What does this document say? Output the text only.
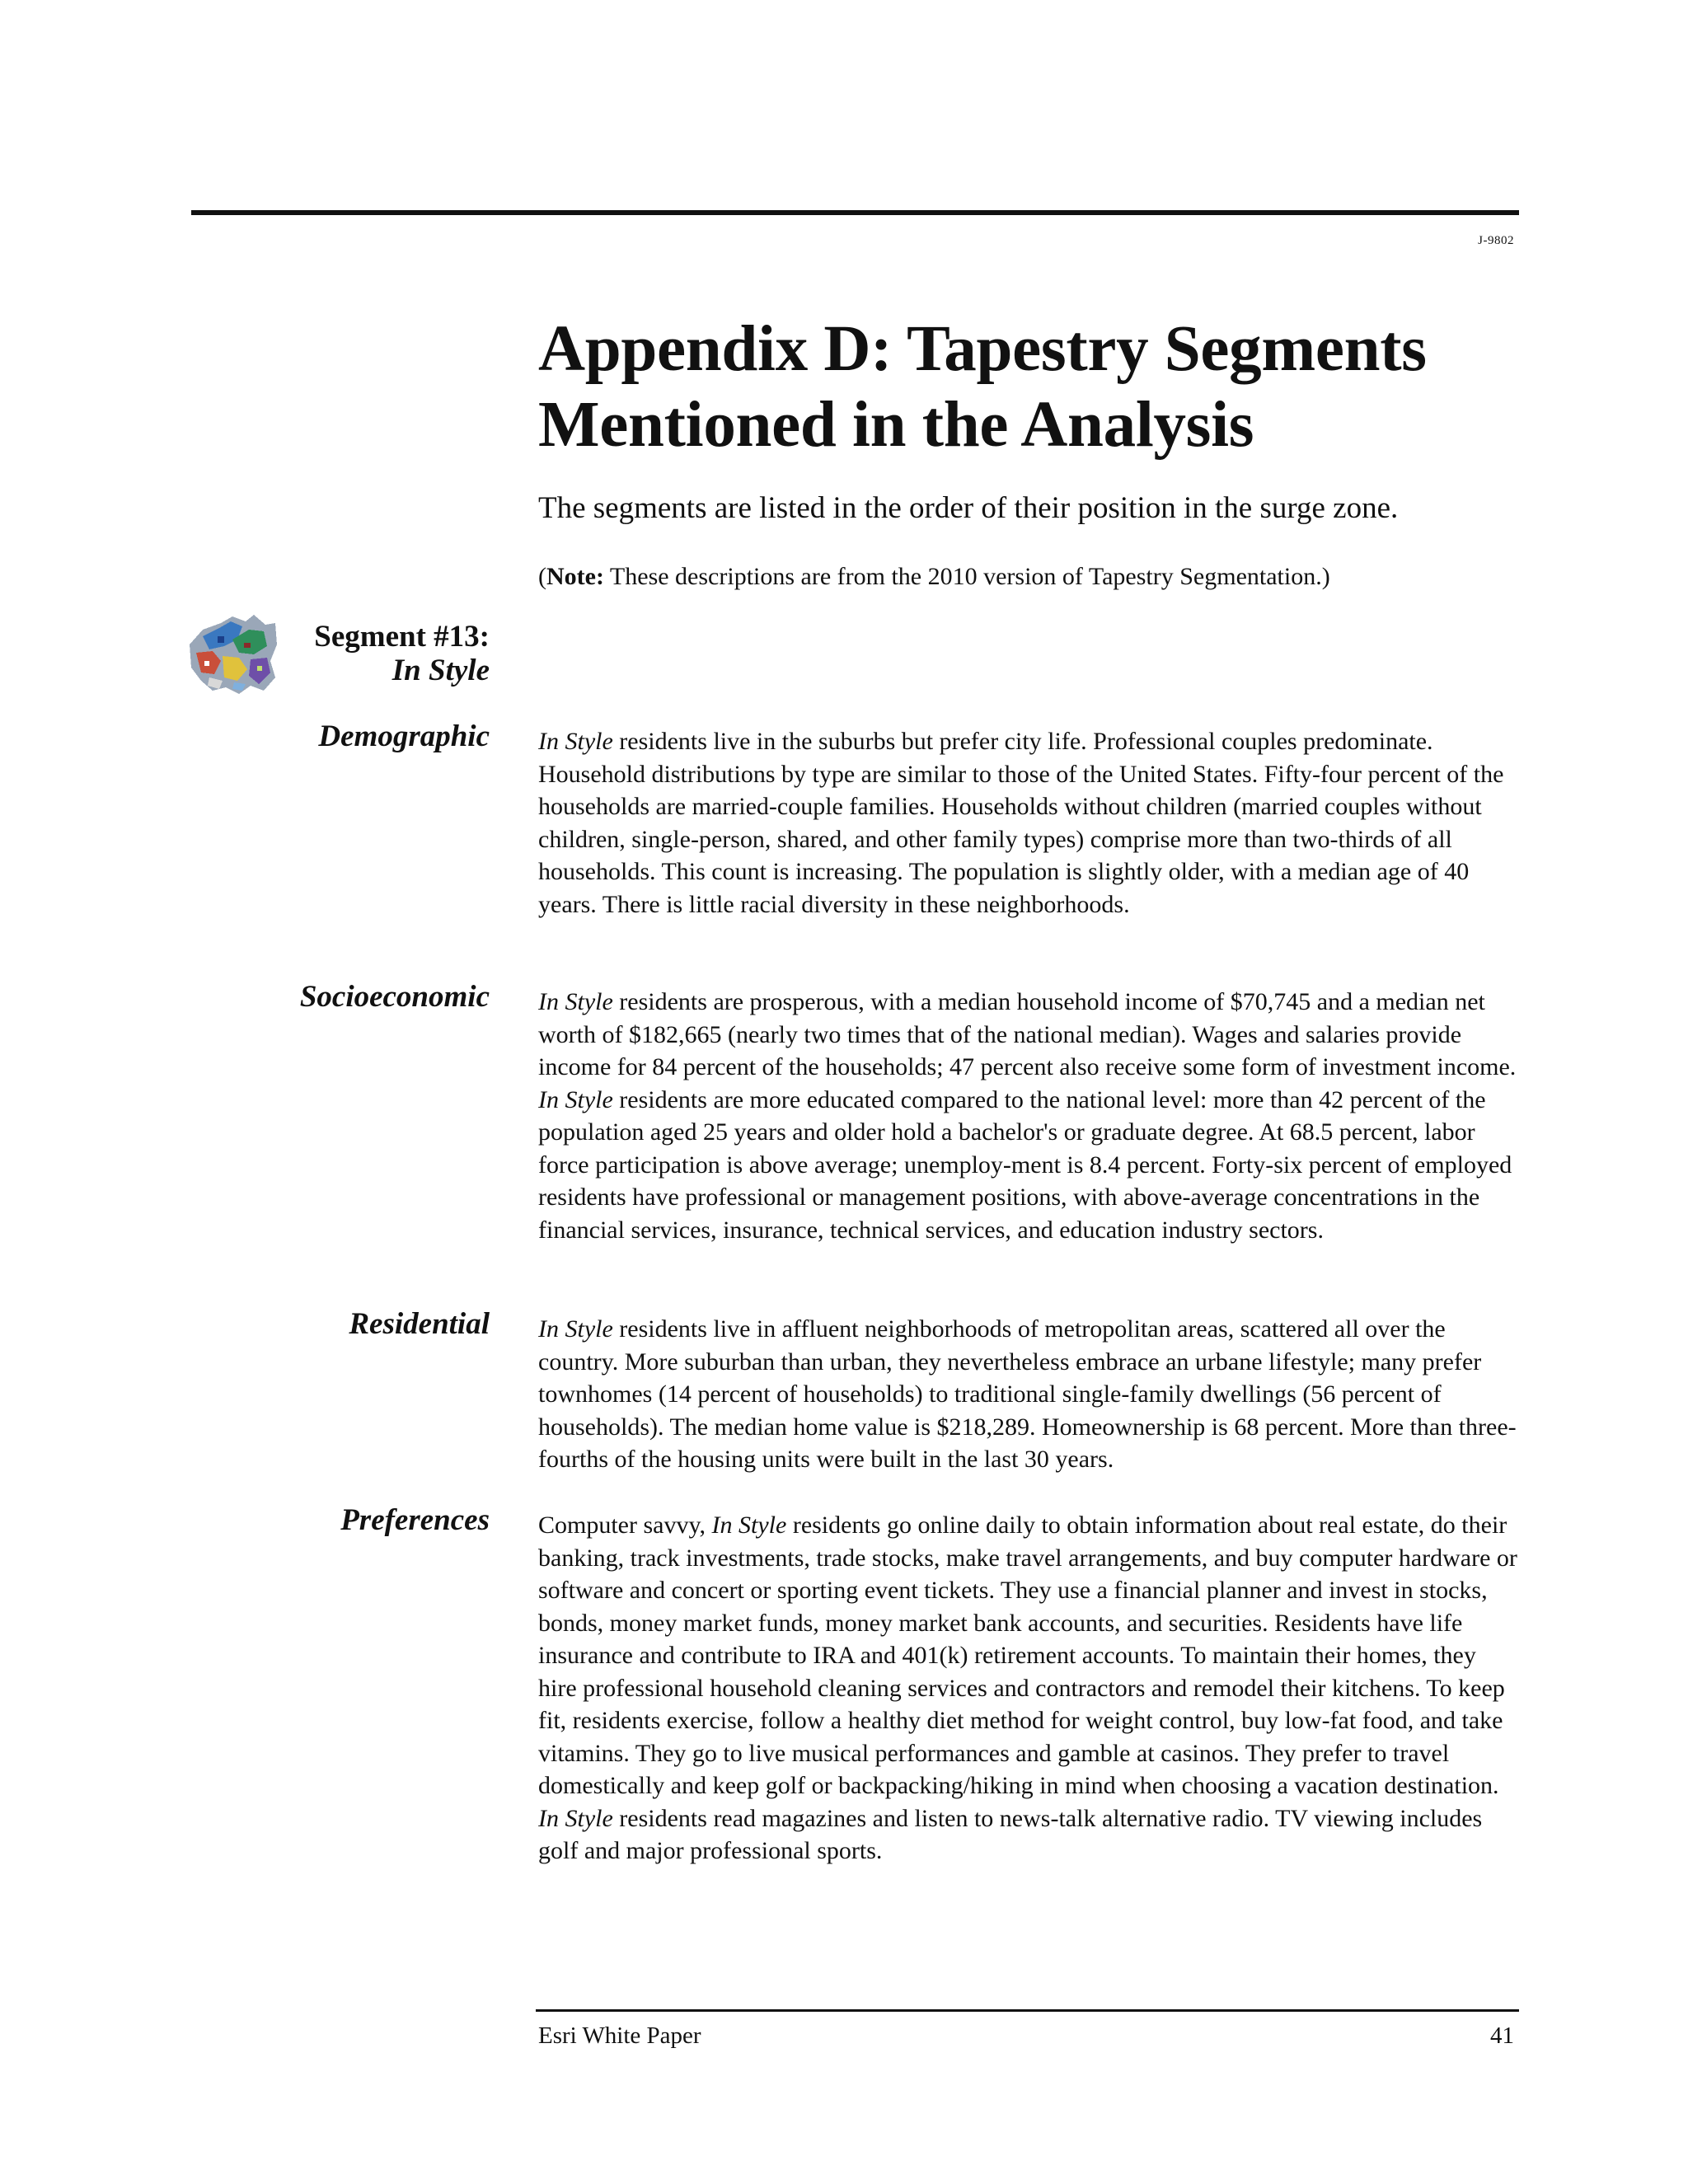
J-9802
Appendix D: Tapestry Segments
Mentioned in the Analysis
The segments are listed in the order of their position in the surge zone.
(Note: These descriptions are from the 2010 version of Tapestry Segmentation.)
Segment #13:
In Style
Demographic In Style residents live in the suburbs but prefer city life. Professional couples predominate. Household distributions by type are similar to those of the United States. Fifty-four percent of the households are married-couple families. Households without children (married couples without children, single-person, shared, and other family types) comprise more than two-thirds of all households. This count is increasing. The population is slightly older, with a median age of 40 years. There is little racial diversity in these neighborhoods.

Socioeconomic In Style residents are prosperous, with a median household income of $70,745 and a median net worth of $182,665 (nearly two times that of the national median). Wages and salaries provide income for 84 percent of the households; 47 percent also receive some form of investment income. In Style residents are more educated compared to the national level: more than 42 percent of the population aged 25 years and older hold a bachelor's or graduate degree. At 68.5 percent, labor force participation is above average; unemploy-ment is 8.4 percent. Forty-six percent of employed residents have professional or management positions, with above-average concentrations in the financial services, insurance, technical services, and education industry sectors.

Residential In Style residents live in affluent neighborhoods of metropolitan areas, scattered all over the country. More suburban than urban, they nevertheless embrace an urbane lifestyle; many prefer townhomes (14 percent of households) to traditional single-family dwellings (56 percent of households). The median home value is $218,289. Homeownership is 68 percent. More than three-fourths of the housing units were built in the last 30 years.

Preferences Computer savvy, In Style residents go online daily to obtain information about real estate, do their banking, track investments, trade stocks, make travel arrangements, and buy computer hardware or software and concert or sporting event tickets. They use a financial planner and invest in stocks, bonds, money market funds, money market bank accounts, and securities. Residents have life insurance and contribute to IRA and 401(k) retirement accounts. To maintain their homes, they hire professional household cleaning services and contractors and remodel their kitchens. To keep fit, residents exercise, follow a healthy diet method for weight control, buy low-fat food, and take vitamins. They go to live musical performances and gamble at casinos. They prefer to travel domestically and keep golf or backpacking/hiking in mind when choosing a vacation destination. In Style residents read magazines and listen to news-talk alternative radio. TV viewing includes golf and major professional sports.

Esri White Paper	41
